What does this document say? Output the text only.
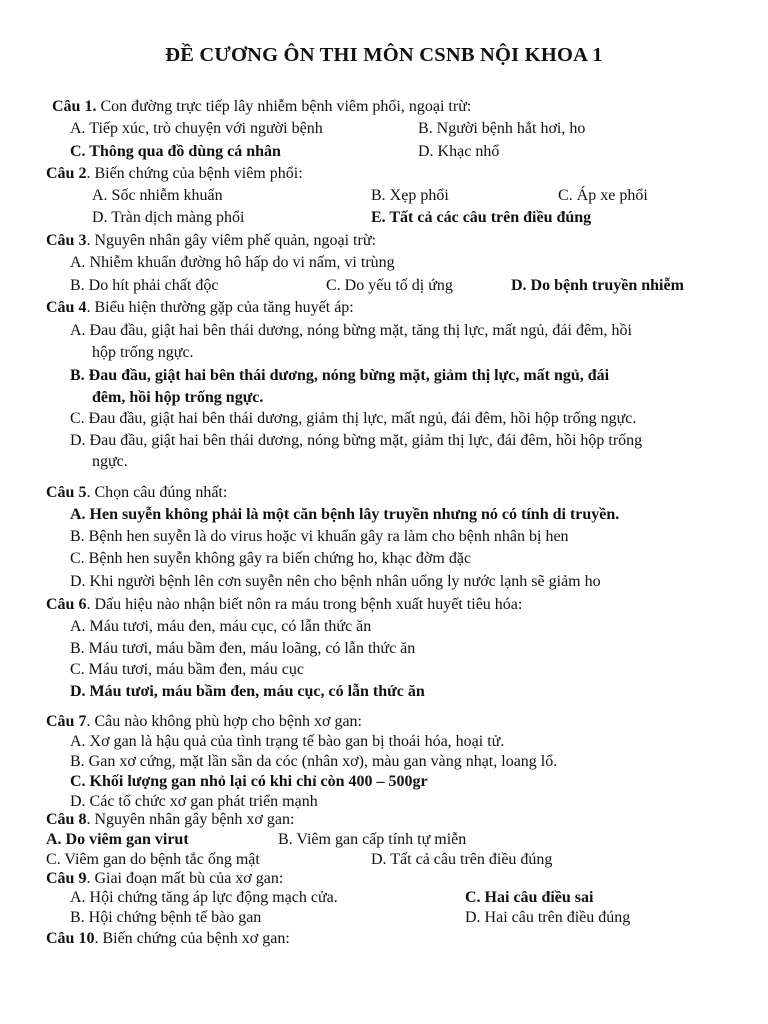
ĐỀ CƯƠNG ÔN THI MÔN CSNB NỘI KHOA 1
Câu 1. Con đường trực tiếp lây nhiễm bệnh viêm phổi, ngoại trừ:
A. Tiếp xúc, trò chuyện với người bệnh	B. Người bệnh hắt hơi, ho
C. Thông qua đồ dùng cá nhân	D. Khạc nhổ
Câu 2. Biến chứng của bệnh viêm phổi:
A. Sốc nhiễm khuẩn	B. Xẹp phổi	C. Áp xe phổi
D. Tràn dịch màng phổi	E. Tất cả các câu trên điều đúng
Câu 3. Nguyên nhân gây viêm phế quản, ngoại trừ:
A. Nhiễm khuẩn đường hô hấp do vi nấm, vi trùng
B. Do hít phải chất độc	C. Do yếu tố dị ứng	D. Do bệnh truyền nhiễm
Câu 4. Biểu hiện thường gặp của tăng huyết áp:
A. Đau đầu, giật hai bên thái dương, nóng bừng mặt, tăng thị lực, mất ngủ, đái đêm, hồi
hộp trống ngực.
B. Đau đầu, giật hai bên thái dương, nóng bừng mặt, giảm thị lực, mất ngủ, đái
đêm, hồi hộp trống ngực.
C. Đau đầu, giật hai bên thái dương, giảm thị lực, mất ngủ, đái đêm, hồi hộp trống ngực.
D. Đau đầu, giật hai bên thái dương, nóng bừng mặt, giảm thị lực, đái đêm, hồi hộp trống
ngực.
Câu 5. Chọn câu đúng nhất:
A. Hen suyễn không phải là một căn bệnh lây truyền nhưng nó có tính di truyền.
B. Bệnh hen suyễn là do virus hoặc vi khuẩn gây ra làm cho bệnh nhân bị hen
C. Bệnh hen suyễn không gây ra biến chứng ho, khạc đờm đặc
D. Khi người bệnh lên cơn suyễn nên cho bệnh nhân uống ly nước lạnh sẽ giảm ho
Câu 6. Dấu hiệu nào nhận biết nôn ra máu trong bệnh xuất huyết tiêu hóa:
A. Máu tươi, máu đen, máu cục, có lẫn thức ăn
B. Máu tươi, máu bầm đen, máu loãng, có lẫn thức ăn
C. Máu tươi, máu bầm đen, máu cục
D. Máu tươi, máu bầm đen, máu cục, có lẫn thức ăn
Câu 7. Câu nào không phù hợp cho bệnh xơ gan:
A. Xơ gan là hậu quả của tình trạng tế bào gan bị thoái hóa, hoại tử.
B. Gan xơ cứng, mặt lần sần da cóc (nhân xơ), màu gan vàng nhạt, loang lổ.
C. Khối lượng gan nhỏ lại có khi chỉ còn 400 – 500gr
D. Các tổ chức xơ gan phát triển mạnh
Câu 8. Nguyên nhân gây bệnh xơ gan:
A. Do viêm gan virut	B. Viêm gan cấp tính tự miễn
C. Viêm gan do bệnh tắc ống mật	D. Tất cả câu trên điều đúng
Câu 9. Giai đoạn mất bù của xơ gan:
A. Hội chứng tăng áp lực động mạch cửa.	C. Hai câu điều sai
B. Hội chứng bệnh tế bào gan	D. Hai câu trên điều đúng
Câu 10. Biến chứng của bệnh xơ gan:
